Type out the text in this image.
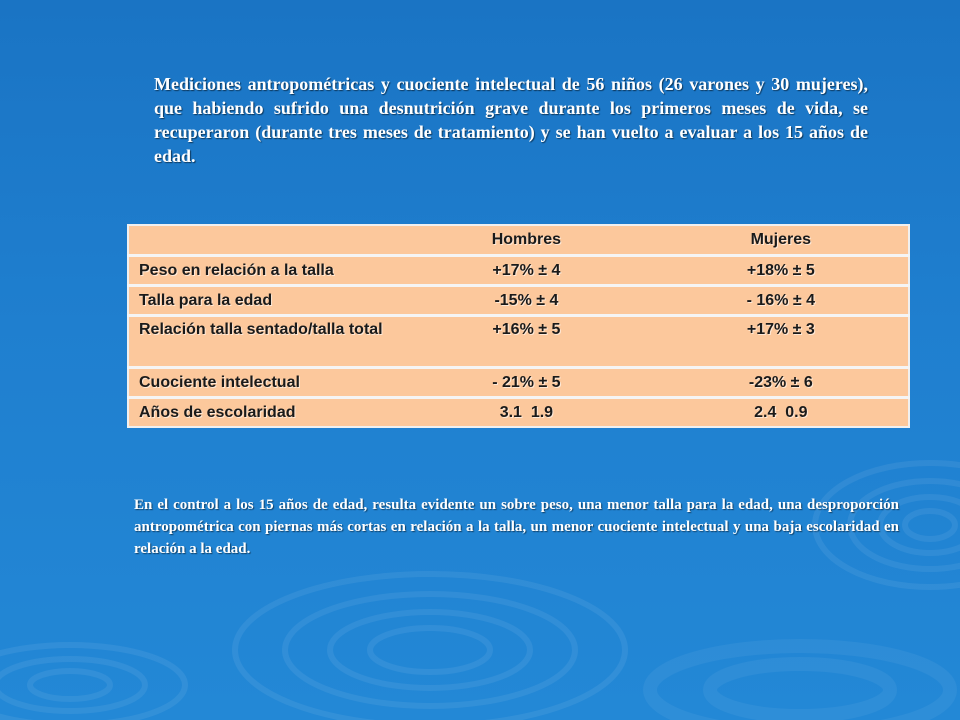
Mediciones antropométricas y cuociente intelectual de 56 niños (26 varones y 30 mujeres), que habiendo sufrido una desnutrición grave durante los primeros meses de vida, se recuperaron (durante tres meses de tratamiento) y se han vuelto a evaluar a los 15 años de edad.
	Hombres	Mujeres
Peso en relación a la talla	+17% ± 4	+18% ± 5
Talla para la edad	-15% ± 4	- 16% ± 4
Relación talla sentado/talla total	+16% ± 5	+17% ± 3
Cuociente intelectual	- 21% ± 5	-23% ± 6
Años de escolaridad	3.1  1.9	2.4  0.9
En el control a los 15 años de edad, resulta evidente un sobre peso, una menor talla para la edad, una desproporción antropométrica con piernas más cortas en relación a la talla, un menor cuociente intelectual y una baja escolaridad en relación a la edad.
